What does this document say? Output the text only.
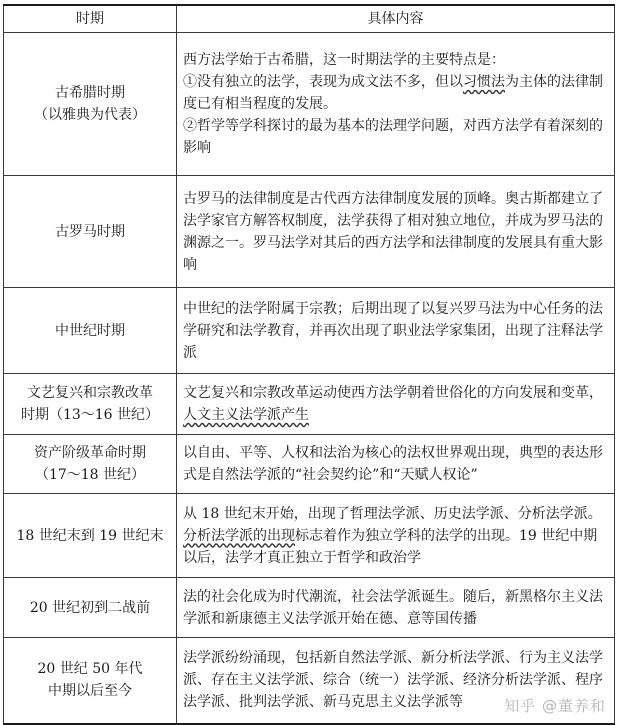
时期	具体内容

古希腊时期
（以雅典为代表）	西方法学始于古希腊，这一时期法学的主要特点是：
①没有独立的法学，表现为成文法不多，但以习惯法为主体的法律制度已有相当程度的发展。
②哲学等学科探讨的最为基本的法理学问题，对西方法学有着深刻的影响

古罗马时期	古罗马的法律制度是古代西方法律制度发展的顶峰。奥古斯都建立了法学家官方解答权制度，法学获得了相对独立地位，并成为罗马法的渊源之一。罗马法学对其后的西方法学和法律制度的发展具有重大影响

中世纪时期	中世纪的法学附属于宗教；后期出现了以复兴罗马法为中心任务的法学研究和法学教育，并再次出现了职业法学家集团，出现了注释法学派

文艺复兴和宗教改革
时期（13～16 世纪）	文艺复兴和宗教改革运动使西方法学朝着世俗化的方向发展和变革，人文主义法学派产生

资产阶级革命时期
（17～18 世纪）	以自由、平等、人权和法治为核心的法权世界观出现，典型的表达形式是自然法学派的“社会契约论”和“天赋人权论”

18 世纪末到 19 世纪末	从 18 世纪末开始，出现了哲理法学派、历史法学派、分析法学派。分析法学派的出现标志着作为独立学科的法学的出现。19 世纪中期以后，法学才真正独立于哲学和政治学

20 世纪初到二战前	法的社会化成为时代潮流，社会法学派诞生。随后，新黑格尔主义法学派和新康德主义法学派开始在德、意等国传播

20 世纪 50 年代
中期以后至今	法学派纷纷涌现，包括新自然法学派、新分析法学派、行为主义法学派、存在主义法学派、综合（统一）法学派、经济分析法学派、程序法学派、批判法学派、新马克思主义法学派等	知乎 @董养和
